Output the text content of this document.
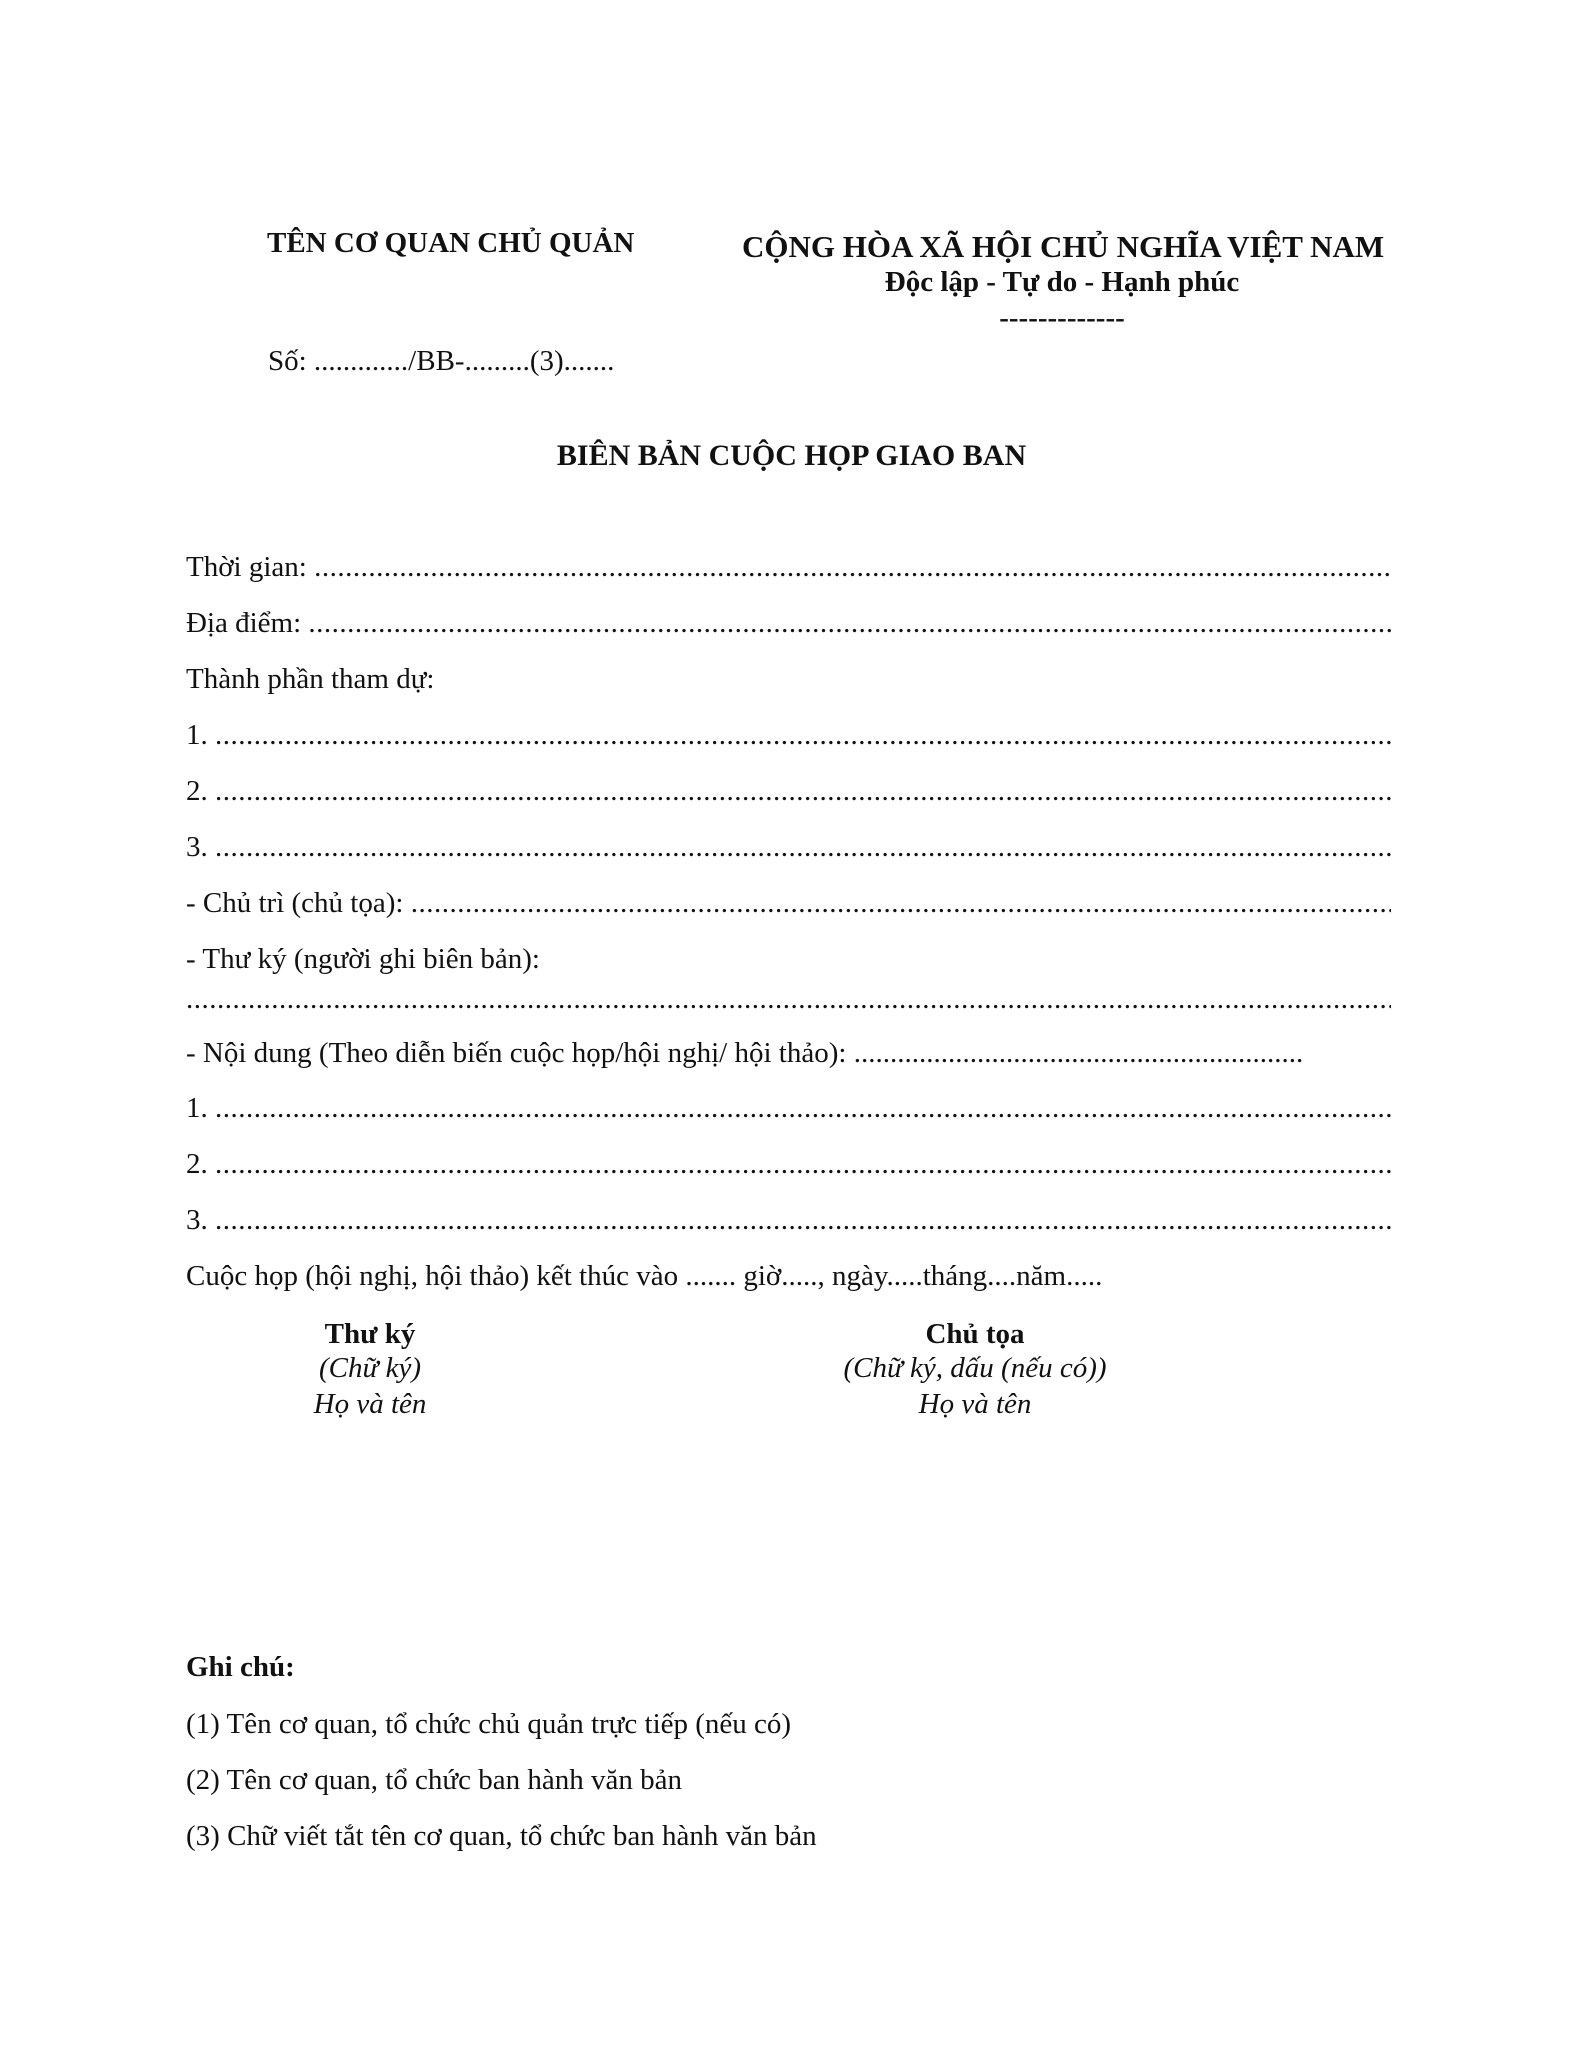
TÊN CƠ QUAN CHỦ QUẢN	CỘNG HÒA XÃ HỘI CHỦ NGHĨA VIỆT NAM
Độc lập - Tự do - Hạnh phúc
-------------
Số: ............./BB-.........(3).......
BIÊN BẢN CUỘC HỌP GIAO BAN
Thời gian:
.....
Địa điểm:
.....
Thành phần tham dự:
1.
.....
2.
.....
3.
.....
- Chủ trì (chủ tọa):
.....
- Thư ký (người ghi biên bản):
.....
- Nội dung (Theo diễn biến cuộc họp/hội nghị/ hội thảo): ..............................................................
1.
.....
2.
.....
3.
.....
Cuộc họp (hội nghị, hội thảo) kết thúc vào ....... giờ....., ngày.....tháng....năm.....
Thư ký
(Chữ ký)
Họ và tên
Chủ tọa
(Chữ ký, dấu (nếu có))
Họ và tên
Ghi chú:
(1) Tên cơ quan, tổ chức chủ quản trực tiếp (nếu có)
(2) Tên cơ quan, tổ chức ban hành văn bản
(3) Chữ viết tắt tên cơ quan, tổ chức ban hành văn bản
